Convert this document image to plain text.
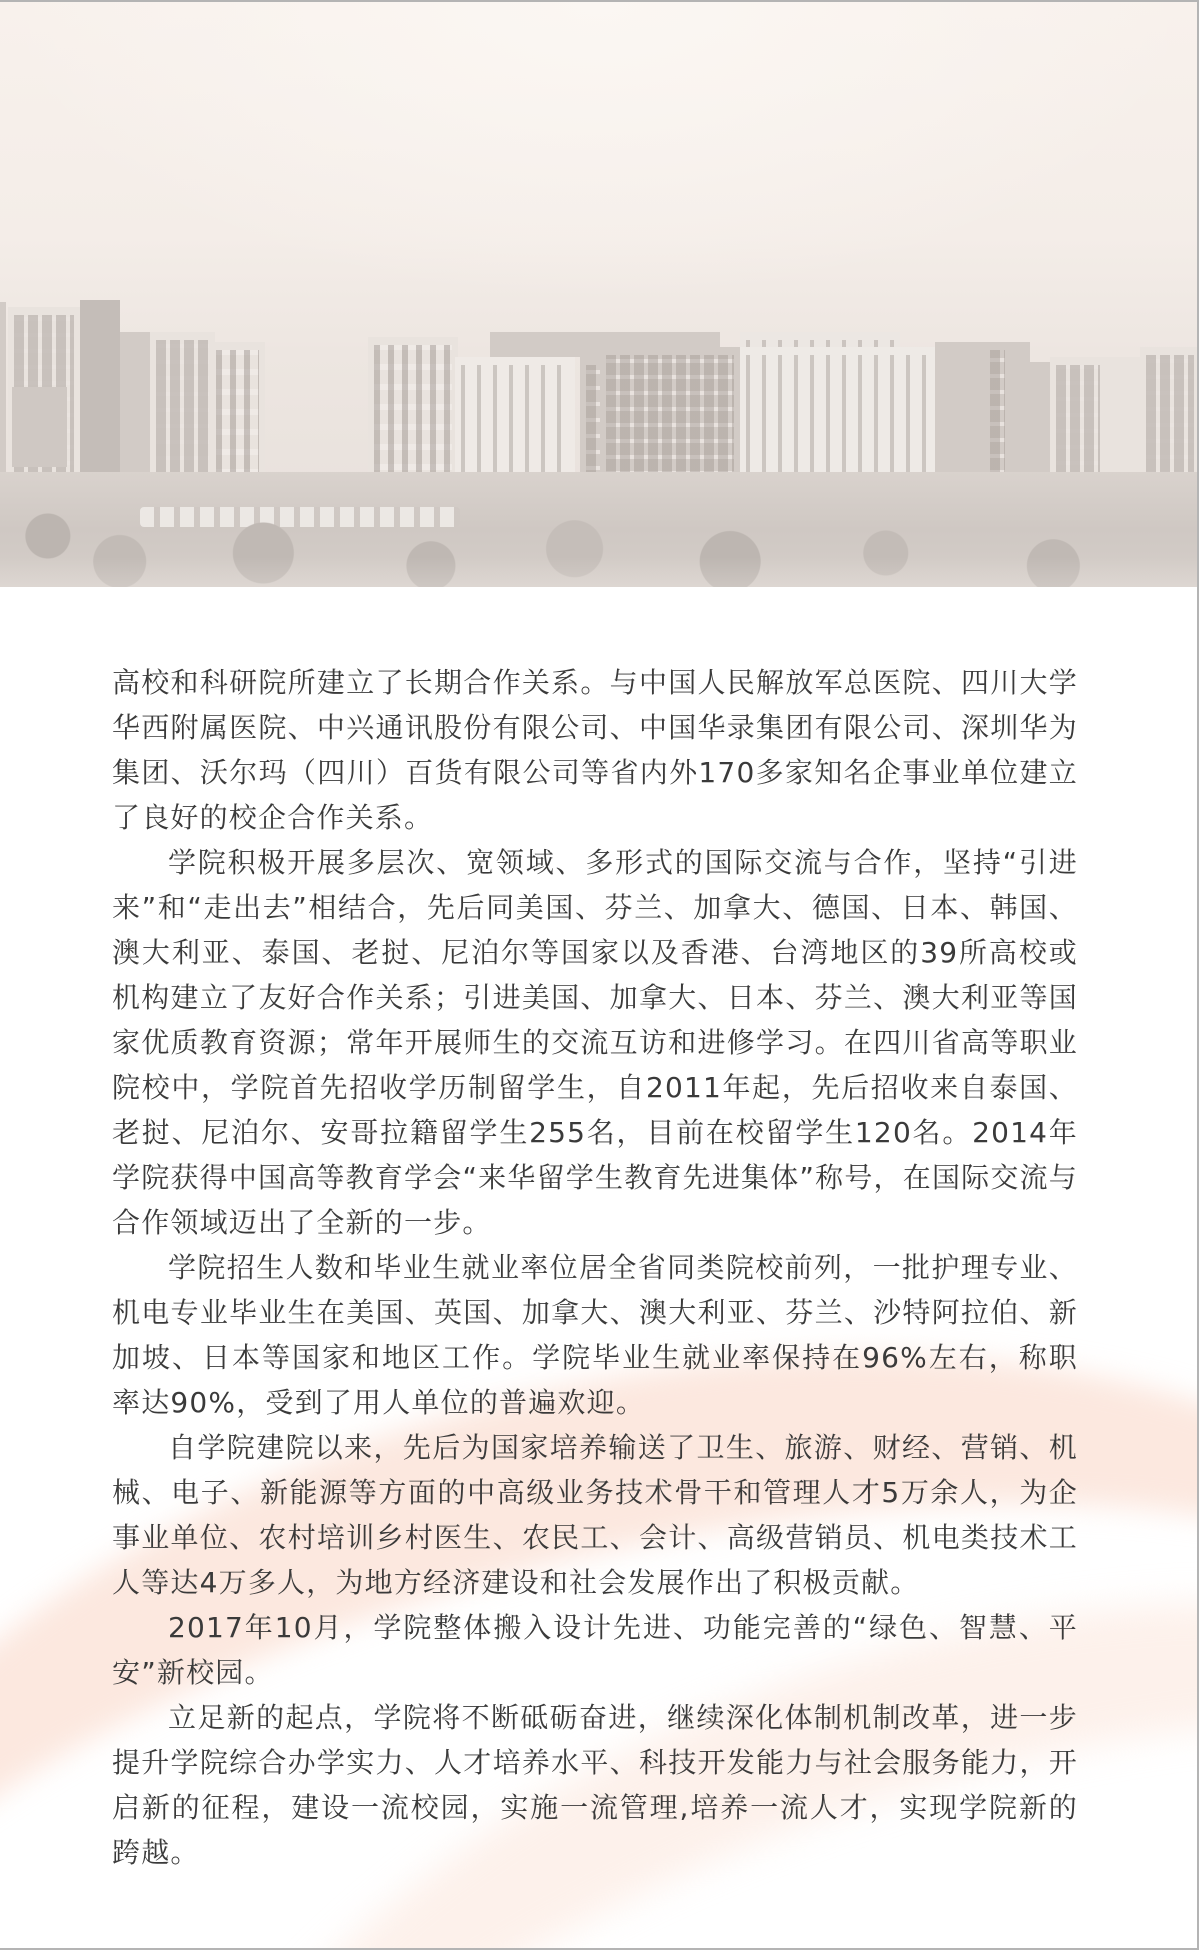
高校和科研院所建立了长期合作关系。与中国人民解放军总医院、四川大学华西附属医院、中兴通讯股份有限公司、中国华录集团有限公司、深圳华为集团、沃尔玛（四川）百货有限公司等省内外170多家知名企事业单位建立了良好的校企合作关系。

学院积极开展多层次、宽领域、多形式的国际交流与合作，坚持“引进来”和“走出去”相结合，先后同美国、芬兰、加拿大、德国、日本、韩国、澳大利亚、泰国、老挝、尼泊尔等国家以及香港、台湾地区的39所高校或机构建立了友好合作关系；引进美国、加拿大、日本、芬兰、澳大利亚等国家优质教育资源；常年开展师生的交流互访和进修学习。在四川省高等职业院校中，学院首先招收学历制留学生，自2011年起，先后招收来自泰国、老挝、尼泊尔、安哥拉籍留学生255名，目前在校留学生120名。2014年学院获得中国高等教育学会“来华留学生教育先进集体”称号，在国际交流与合作领域迈出了全新的一步。

学院招生人数和毕业生就业率位居全省同类院校前列，一批护理专业、机电专业毕业生在美国、英国、加拿大、澳大利亚、芬兰、沙特阿拉伯、新加坡、日本等国家和地区工作。学院毕业生就业率保持在96%左右，称职率达90%，受到了用人单位的普遍欢迎。

自学院建院以来，先后为国家培养输送了卫生、旅游、财经、营销、机械、电子、新能源等方面的中高级业务技术骨干和管理人才5万余人，为企事业单位、农村培训乡村医生、农民工、会计、高级营销员、机电类技术工人等达4万多人，为地方经济建设和社会发展作出了积极贡献。

2017年10月，学院整体搬入设计先进、功能完善的“绿色、智慧、平安”新校园。

立足新的起点，学院将不断砥砺奋进，继续深化体制机制改革，进一步提升学院综合办学实力、人才培养水平、科技开发能力与社会服务能力，开启新的征程，建设一流校园，实施一流管理,培养一流人才，实现学院新的跨越。
